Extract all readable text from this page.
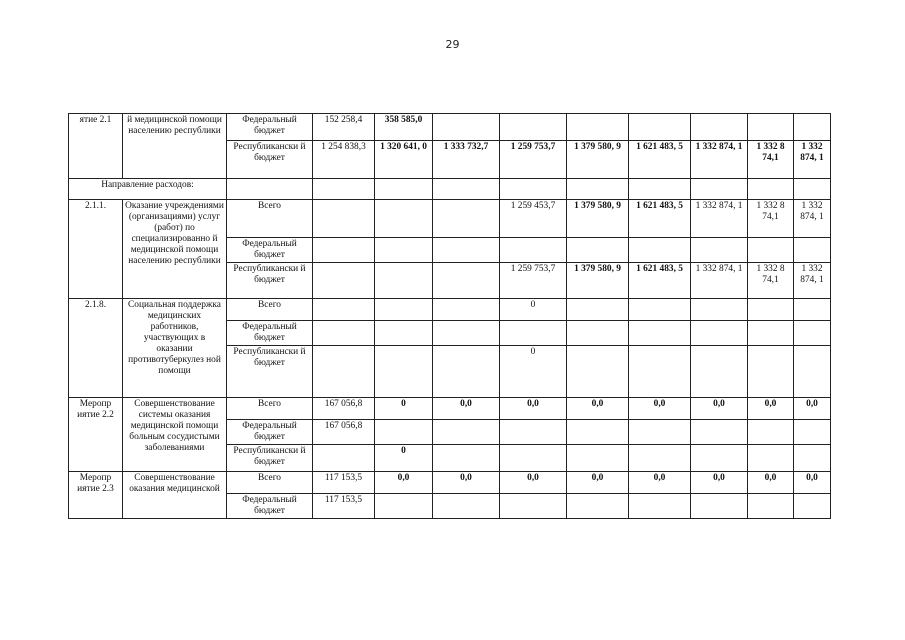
29
ятие 2.1	й медицинской помощи населению республики	Федеральный бюджет	152 258,4	358 585,0							
		Республикански й бюджет	1 254 838,3	1 320 641, 0	1 333 732,7	1 259 753,7	1 379 580, 9	1 621 483, 5	1 332 874, 1	1 332 8 74,1	1 332 874, 1
Направление расходов:											
2.1.1.	Оказание учреждениями (организациями) услуг (работ) по специализированно й медицинской помощи населению республики	Всего				1 259 453,7	1 379 580, 9	1 621 483, 5	1 332 874, 1	1 332 8 74,1	1 332 874, 1
		Федеральный бюджет									
		Республикански й бюджет				1 259 753,7	1 379 580, 9	1 621 483, 5	1 332 874, 1	1 332 8 74,1	1 332 874, 1
2.1.8.	Социальная поддержка медицинских работников, участвующих в оказании противотуберкулез ной помощи	Всего				0					
		Федеральный бюджет									
		Республикански й бюджет				0					
Меропр иятие 2.2	Совершенствование системы оказания медицинской помощи больным сосудистыми заболеваниями	Всего	167 056,8	0	0,0	0,0	0,0	0,0	0,0	0,0	0,0
		Федеральный бюджет	167 056,8								
		Республикански й бюджет		0							
Меропр иятие 2.3	Совершенствование оказания медицинской	Всего	117 153,5	0,0	0,0	0,0	0,0	0,0	0,0	0,0	0,0
		Федеральный бюджет	117 153,5								
